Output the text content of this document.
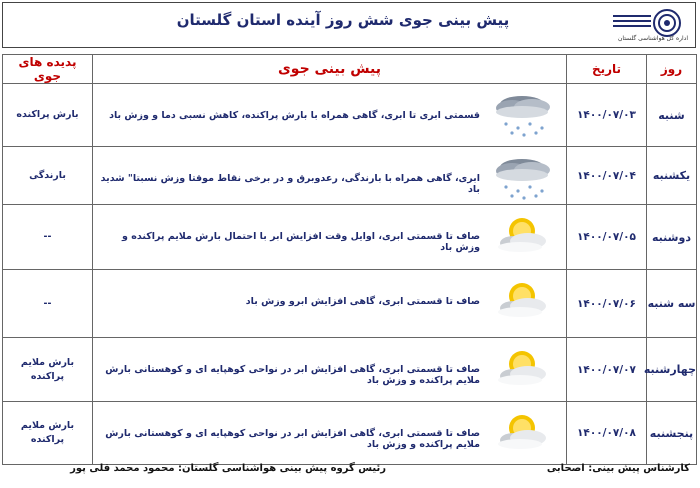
پیش بینی جوی شش روز آینده استان گلستان
اداره کل هواشناسی گلستان
روز	تاریخ	پیش بینی جوی	پدیده های جوی
شنبه	۱۴۰۰/۰۷/۰۳	قسمتی ابری تا ابری، گاهی همراه با بارش پراکنده، کاهش نسبی دما و وزش باد	بارش پراکنده
یکشنبه	۱۴۰۰/۰۷/۰۴	ابری، گاهی همراه با بارندگی، رعدوبرق و در برخی نقاط موقتا وزش نسبتا" شدید باد	بارندگی
دوشنبه	۱۴۰۰/۰۷/۰۵	صاف تا قسمتی ابری، اوایل وقت افزایش ابر با احتمال بارش ملایم پراکنده و وزش باد	--
سه شنبه	۱۴۰۰/۰۷/۰۶	صاف تا قسمتی ابری، گاهی افزایش ابرو وزش باد	--
چهارشنبه	۱۴۰۰/۰۷/۰۷	صاف تا قسمتی ابری، گاهی افزایش ابر در نواحی کوهپایه ای و کوهستانی بارش ملایم پراکنده و وزش باد	بارش ملایم پراکنده
پنجشنبه	۱۴۰۰/۰۷/۰۸	صاف تا قسمتی ابری، گاهی افزایش ابر در نواحی کوهپایه ای و کوهستانی بارش ملایم پراکنده و وزش باد	بارش ملایم پراکنده
کارشناس پیش بینی: اصحابی
رئیس گروه پیش بینی هواشناسی گلستان: محمود محمد قلی پور
